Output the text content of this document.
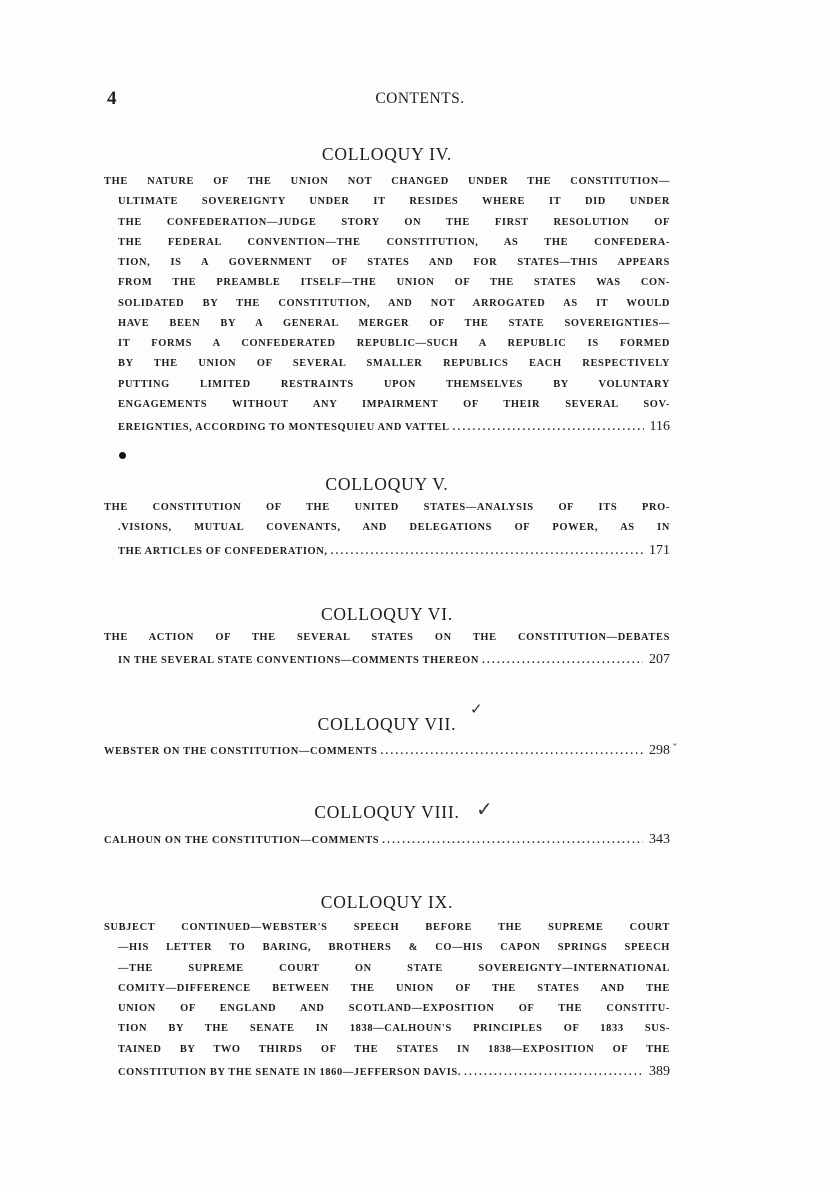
4	CONTENTS.
✓
ˇ
✓
COLLOQUY IV.
THE NATURE OF THE UNION NOT CHANGED UNDER THE CONSTITUTION—
ULTIMATE SOVEREIGNTY UNDER IT RESIDES WHERE IT DID UNDER
THE CONFEDERATION—JUDGE STORY ON THE FIRST RESOLUTION OF
THE FEDERAL CONVENTION—THE CONSTITUTION, AS THE CONFEDERA-
TION, IS A GOVERNMENT OF STATES AND FOR STATES—THIS APPEARS
FROM THE PREAMBLE ITSELF—THE UNION OF THE STATES WAS CON-
SOLIDATED BY THE CONSTITUTION, AND NOT ARROGATED AS IT WOULD
HAVE BEEN BY A GENERAL MERGER OF THE STATE SOVEREIGNTIES—
IT FORMS A CONFEDERATED REPUBLIC—SUCH A REPUBLIC IS FORMED
BY THE UNION OF SEVERAL SMALLER REPUBLICS EACH RESPECTIVELY
PUTTING LIMITED RESTRAINTS UPON THEMSELVES BY VOLUNTARY
ENGAGEMENTS WITHOUT ANY IMPAIRMENT OF THEIR SEVERAL SOV-
EREIGNTIES, ACCORDING TO MONTESQUIEU AND VATTEL .....	116
COLLOQUY V.
THE CONSTITUTION OF THE UNITED STATES—ANALYSIS OF ITS PRO-
.VISIONS, MUTUAL COVENANTS, AND DELEGATIONS OF POWER, AS IN
THE ARTICLES OF CONFEDERATION, .....	171
COLLOQUY VI.
THE ACTION OF THE SEVERAL STATES ON THE CONSTITUTION—DEBATES
IN THE SEVERAL STATE CONVENTIONS—COMMENTS THEREON .....	207
COLLOQUY VII.
WEBSTER ON THE CONSTITUTION—COMMENTS .....	298
COLLOQUY VIII.
CALHOUN ON THE CONSTITUTION—COMMENTS .....	343
COLLOQUY IX.
SUBJECT CONTINUED—WEBSTER'S SPEECH BEFORE THE SUPREME COURT
—HIS LETTER TO BARING, BROTHERS & CO—HIS CAPON SPRINGS SPEECH
—THE SUPREME COURT ON STATE SOVEREIGNTY—INTERNATIONAL
COMITY—DIFFERENCE BETWEEN THE UNION OF THE STATES AND THE
UNION OF ENGLAND AND SCOTLAND—EXPOSITION OF THE CONSTITU-
TION BY THE SENATE IN 1838—CALHOUN'S PRINCIPLES OF 1833 SUS-
TAINED BY TWO THIRDS OF THE STATES IN 1838—EXPOSITION OF THE
CONSTITUTION BY THE SENATE IN 1860—JEFFERSON DAVIS. .....	389
